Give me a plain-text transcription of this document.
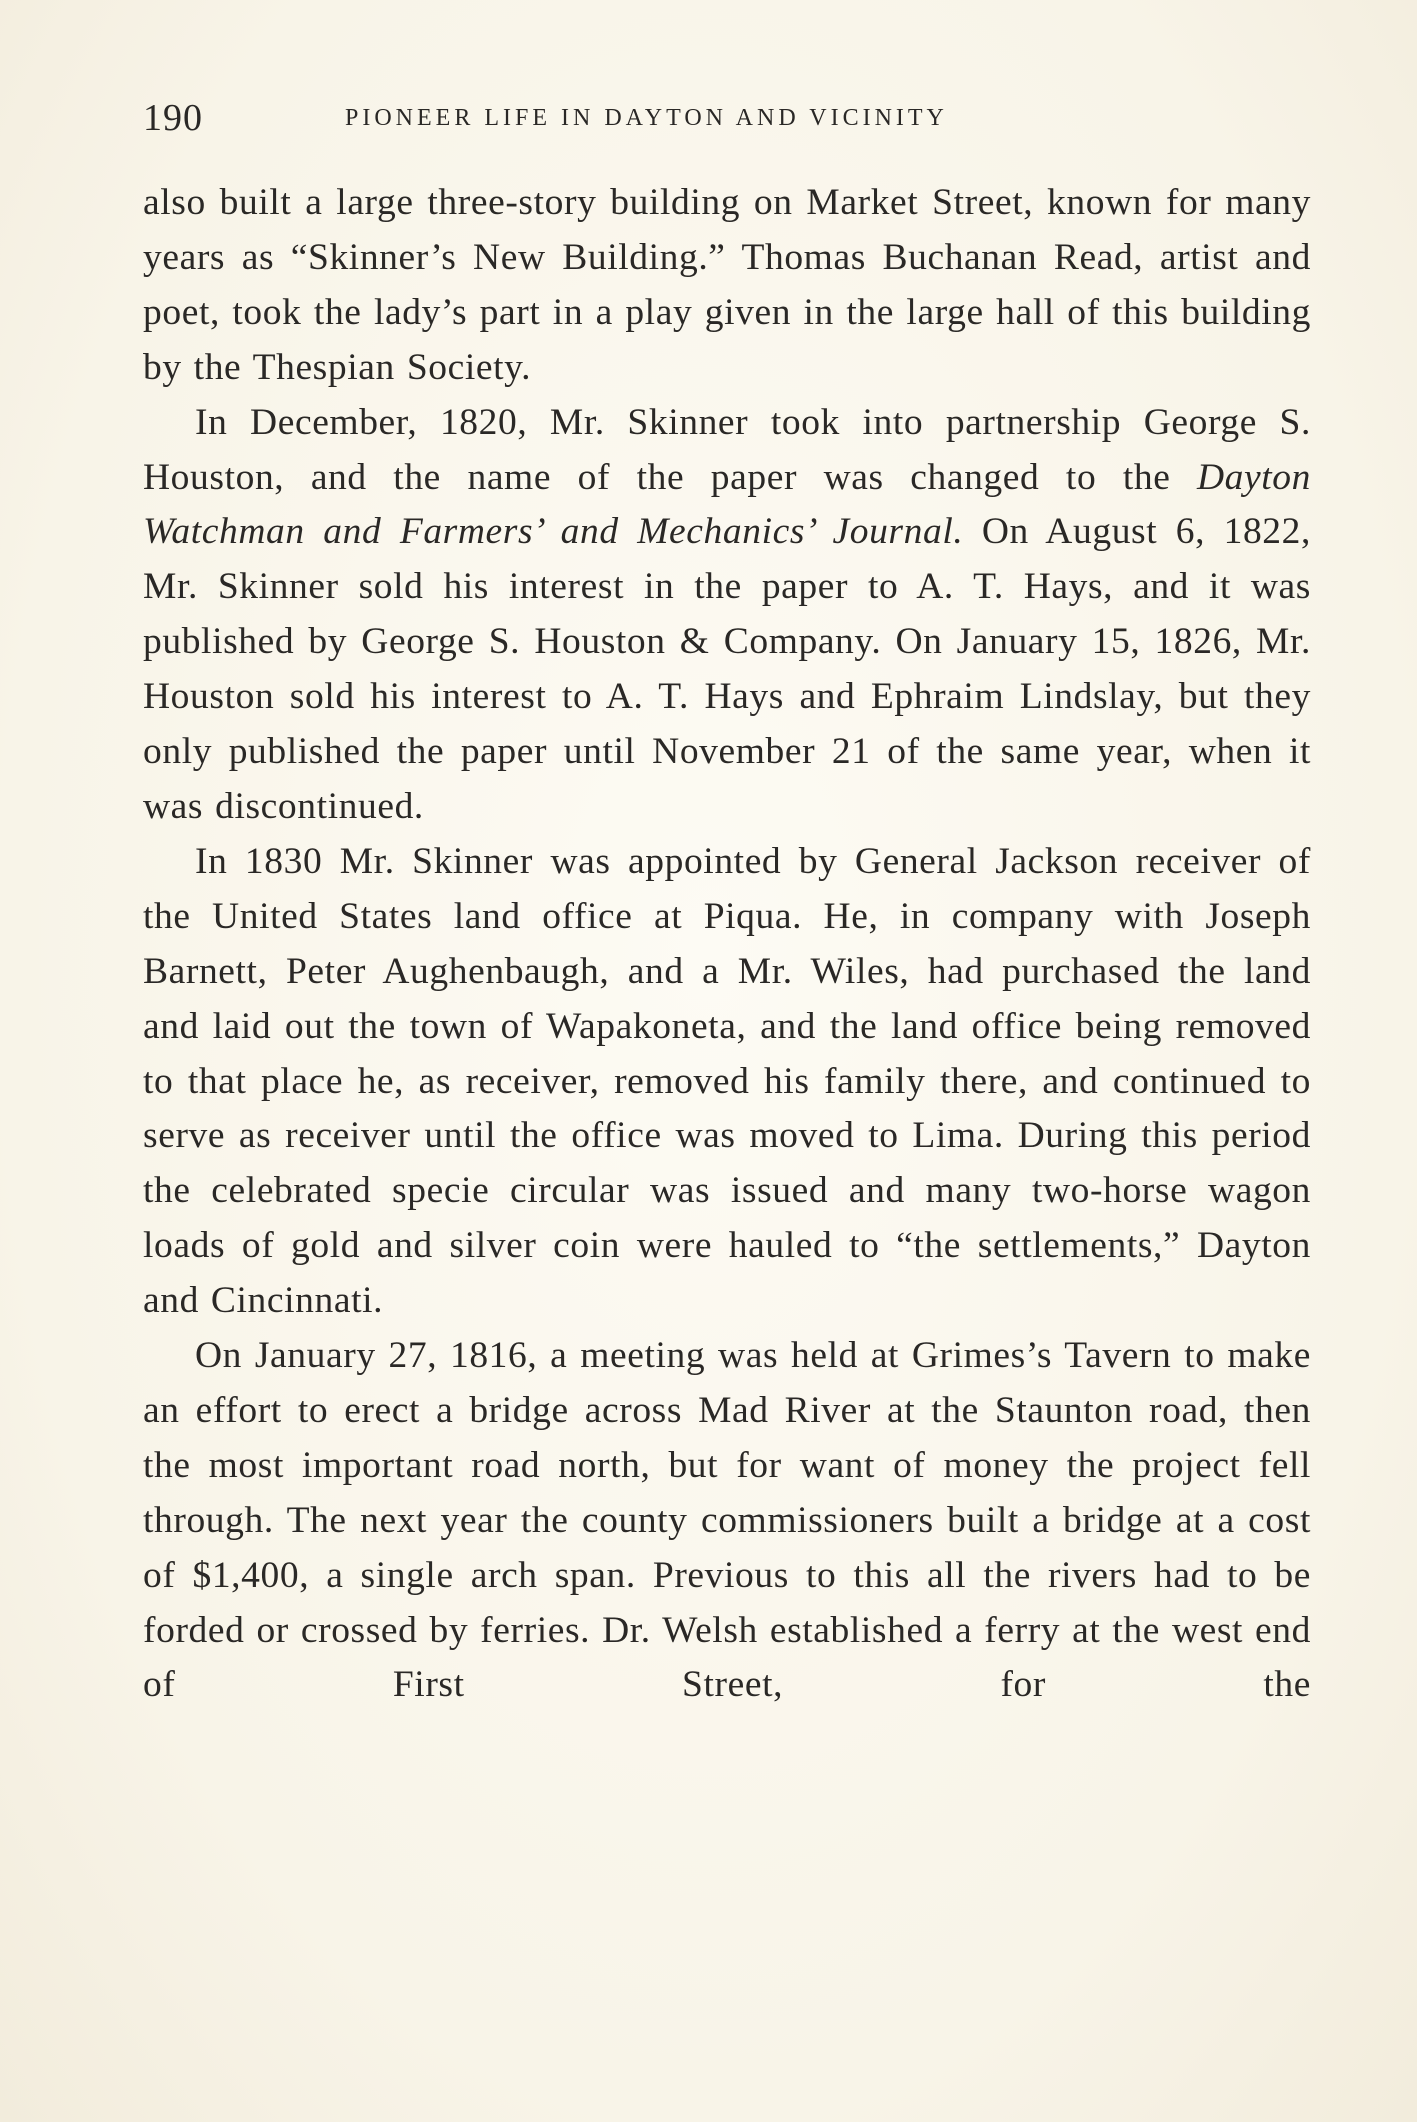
190	PIONEER LIFE IN DAYTON AND VICINITY

also built a large three-story building on Market Street, known for many years as “Skinner’s New Building.” Thomas Buchanan Read, artist and poet, took the lady’s part in a play given in the large hall of this building by the Thespian Society.

In December, 1820, Mr. Skinner took into partnership George S. Houston, and the name of the paper was changed to the Dayton Watchman and Farmers’ and Mechanics’ Journal. On August 6, 1822, Mr. Skinner sold his interest in the paper to A. T. Hays, and it was published by George S. Houston & Company. On January 15, 1826, Mr. Houston sold his interest to A. T. Hays and Ephraim Lindslay, but they only published the paper until November 21 of the same year, when it was discontinued.

In 1830 Mr. Skinner was appointed by General Jackson receiver of the United States land office at Piqua. He, in company with Joseph Barnett, Peter Aughenbaugh, and a Mr. Wiles, had purchased the land and laid out the town of Wapakoneta, and the land office being removed to that place he, as receiver, removed his family there, and continued to serve as receiver until the office was moved to Lima. During this period the celebrated specie circular was issued and many two-horse wagon loads of gold and silver coin were hauled to “the settlements,” Dayton and Cincinnati.

On January 27, 1816, a meeting was held at Grimes’s Tavern to make an effort to erect a bridge across Mad River at the Staunton road, then the most important road north, but for want of money the project fell through. The next year the county commissioners built a bridge at a cost of $1,400, a single arch span. Previous to this all the rivers had to be forded or crossed by ferries. Dr. Welsh established a ferry at the west end of First Street, for the
